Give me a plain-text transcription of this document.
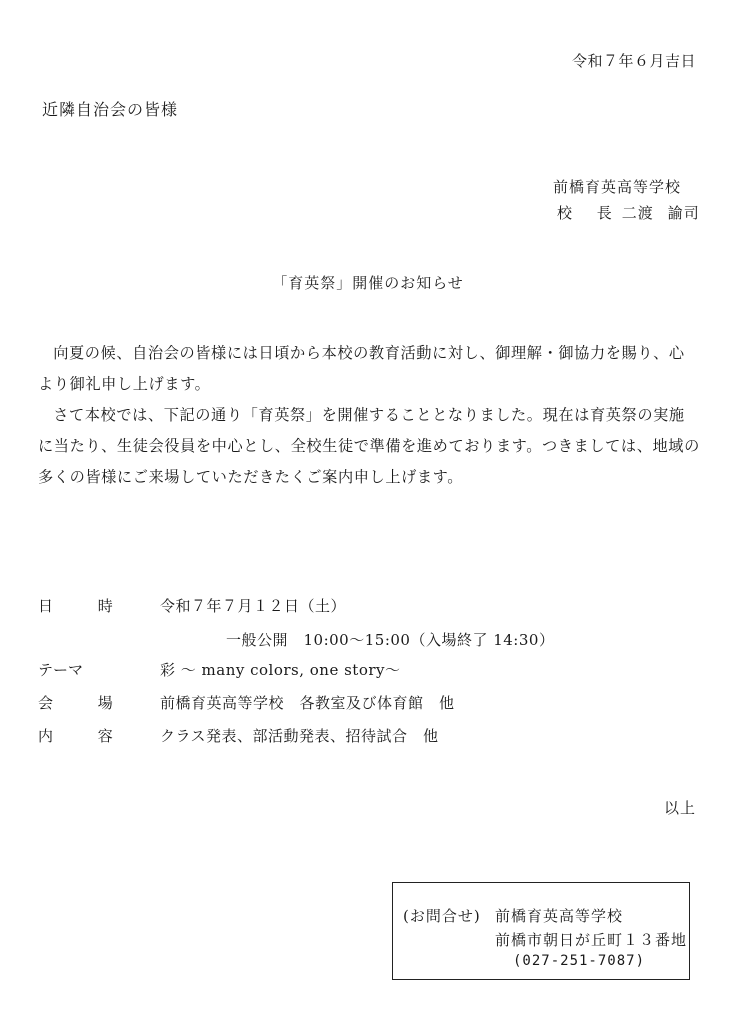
令和７年６月吉日
近隣自治会の皆様
前橋育英高等学校
校 長二渡 諭司
「育英祭」開催のお知らせ

向夏の候、自治会の皆様には日頃から本校の教育活動に対し、御理解・御協力を賜り、心より御礼申し上げます。

さて本校では、下記の通り「育英祭」を開催することとなりました。現在は育英祭の実施に当たり、生徒会役員を中心とし、全校生徒で準備を進めております。つきましては、地域の多くの皆様にご来場していただきたくご案内申し上げます。

日 時 令和７年７月１２日（土）
一般公開　10:00～15:00（入場終了 14:30）
テーマ	彩 ～ many colors, one story～
会 場 前橋育英高等学校　各教室及び体育館　他
内 容 クラス発表、部活動発表、招待試合　他
以上
(お問合せ) 前橋育英高等学校
前橋市朝日が丘町１３番地
(027-251-7087)
